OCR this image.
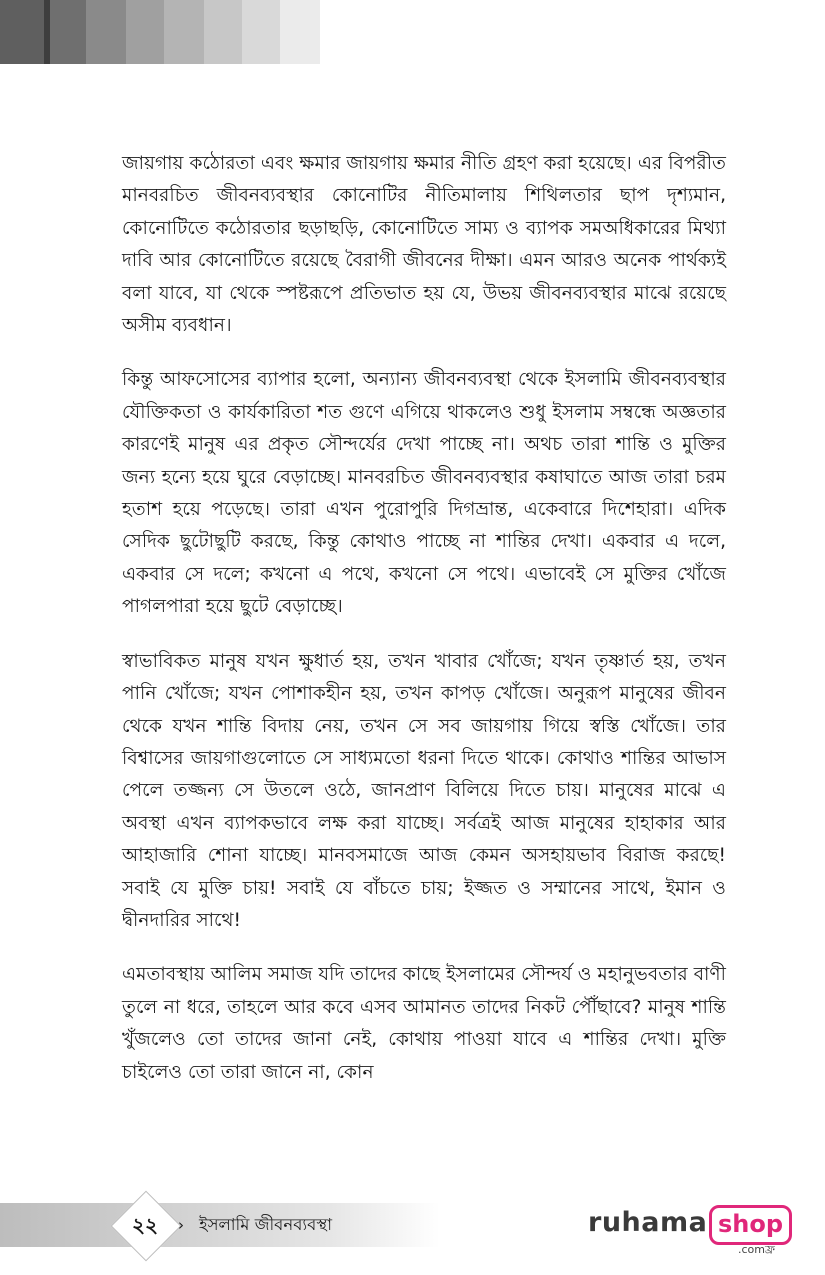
জায়গায় কঠোরতা এবং ক্ষমার জায়গায় ক্ষমার নীতি গ্রহণ করা হয়েছে। এর বিপরীত মানবরচিত জীবনব্যবস্থার কোনোটির নীতিমালায় শিথিলতার ছাপ দৃশ্যমান, কোনোটিতে কঠোরতার ছড়াছড়ি, কোনোটিতে সাম্য ও ব্যাপক সমঅধিকারের মিথ্যা দাবি আর কোনোটিতে রয়েছে বৈরাগী জীবনের দীক্ষা। এমন আরও অনেক পার্থক্যই বলা যাবে, যা থেকে স্পষ্টরূপে প্রতিভাত হয় যে, উভয় জীবনব্যবস্থার মাঝে রয়েছে অসীম ব্যবধান।

কিন্তু আফসোসের ব্যাপার হলো, অন্যান্য জীবনব্যবস্থা থেকে ইসলামি জীবনব্যবস্থার যৌক্তিকতা ও কার্যকারিতা শত গুণে এগিয়ে থাকলেও শুধু ইসলাম সম্বন্ধে অজ্ঞতার কারণেই মানুষ এর প্রকৃত সৌন্দর্যের দেখা পাচ্ছে না। অথচ তারা শান্তি ও মুক্তির জন্য হন্যে হয়ে ঘুরে বেড়াচ্ছে। মানবরচিত জীবনব্যবস্থার কষাঘাতে আজ তারা চরম হতাশ হয়ে পড়েছে। তারা এখন পুরোপুরি দিগভ্রান্ত, একেবারে দিশেহারা। এদিক সেদিক ছুটোছুটি করছে, কিন্তু কোথাও পাচ্ছে না শান্তির দেখা। একবার এ দলে, একবার সে দলে; কখনো এ পথে, কখনো সে পথে। এভাবেই সে মুক্তির খোঁজে পাগলপারা হয়ে ছুটে বেড়াচ্ছে।

স্বাভাবিকত মানুষ যখন ক্ষুধার্ত হয়, তখন খাবার খোঁজে; যখন তৃষ্ণার্ত হয়, তখন পানি খোঁজে; যখন পোশাকহীন হয়, তখন কাপড় খোঁজে। অনুরূপ মানুষের জীবন থেকে যখন শান্তি বিদায় নেয়, তখন সে সব জায়গায় গিয়ে স্বস্তি খোঁজে। তার বিশ্বাসের জায়গাগুলোতে সে সাধ্যমতো ধরনা দিতে থাকে। কোথাও শান্তির আভাস পেলে তজ্জন্য সে উতলে ওঠে, জানপ্রাণ বিলিয়ে দিতে চায়। মানুষের মাঝে এ অবস্থা এখন ব্যাপকভাবে লক্ষ করা যাচ্ছে। সর্বত্রই আজ মানুষের হাহাকার আর আহাজারি শোনা যাচ্ছে। মানবসমাজে আজ কেমন অসহায়ভাব বিরাজ করছে! সবাই যে মুক্তি চায়! সবাই যে বাঁচতে চায়; ইজ্জত ও সম্মানের সাথে, ইমান ও দ্বীনদারির সাথে!

এমতাবস্থায় আলিম সমাজ যদি তাদের কাছে ইসলামের সৌন্দর্য ও মহানুভবতার বাণী তুলে না ধরে, তাহলে আর কবে এসব আমানত তাদের নিকট পৌঁছাবে? মানুষ শান্তি খুঁজলেও তো তাদের জানা নেই, কোথায় পাওয়া যাবে এ শান্তির দেখা। মুক্তি চাইলেও তো তারা জানে না, কোন

২২	› ইসলামি জীবনব্যবস্থা	ruhama shop
.comফ্র
